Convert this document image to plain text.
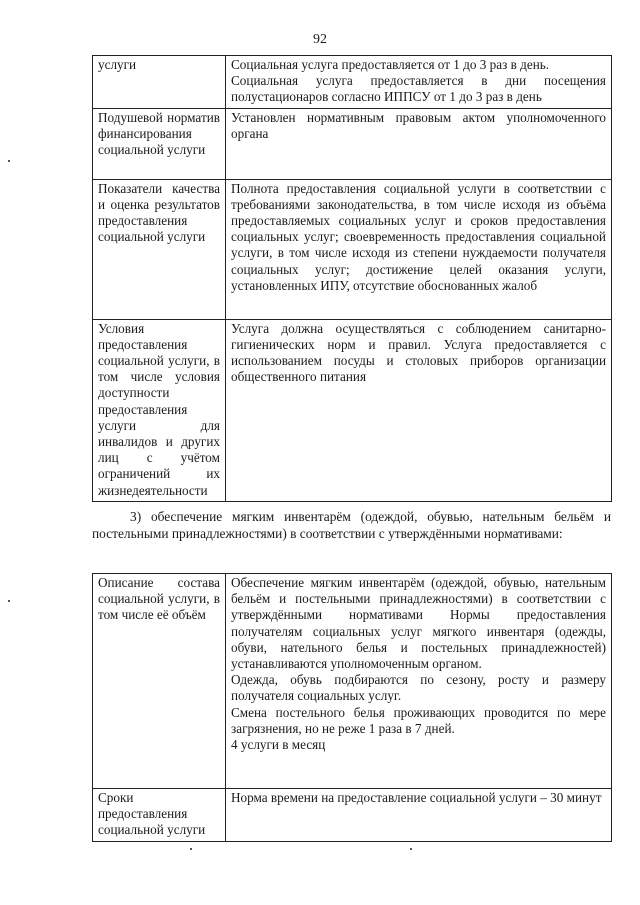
92
услуги	Социальная услуга предоставляется от 1 до 3 раз в день.
Социальная услуга предоставляется в дни посещения полустационаров согласно ИППСУ от 1 до 3 раз в день

Подушевой норматив финансирования социальной услуги	Установлен нормативным правовым актом уполномоченного органа

Показатели качества и оценка результатов предоставления социальной услуги	Полнота предоставления социальной услуги в соответствии с требованиями законодательства, в том числе исходя из объёма предоставляемых социальных услуг и сроков предоставления социальных услуг; своевременность предоставления социальной услуги, в том числе исходя из степени нуждаемости получателя социальных услуг; достижение целей оказания услуги, установленных ИПУ, отсутствие обоснованных жалоб

Условия предоставления социальной услуги, в том числе условия доступности предоставления услуги для инвалидов и других лиц с учётом ограничений их жизнедеятельности	Услуга должна осуществляться с соблюдением санитарно-гигиенических норм и правил. Услуга предоставляется с использованием посуды и столовых приборов организации общественного питания
3) обеспечение мягким инвентарём (одеждой, обувью, нательным бельём и постельными принадлежностями) в соответствии с утверждёнными нормативами:
Описание состава социальной услуги, в том числе её объём	Обеспечение мягким инвентарём (одеждой, обувью, нательным бельём и постельными принадлежностями) в соответствии с утверждёнными нормативами Нормы предоставления получателям социальных услуг мягкого инвентаря (одежды, обуви, нательного белья и постельных принадлежностей) устанавливаются уполномоченным органом.
Одежда, обувь подбираются по сезону, росту и размеру получателя социальных услуг.
Смена постельного белья проживающих проводится по мере загрязнения, но не реже 1 раза в 7 дней.
4 услуги в месяц

Сроки предоставления социальной услуги	Норма времени на предоставление социальной услуги – 30 минут
